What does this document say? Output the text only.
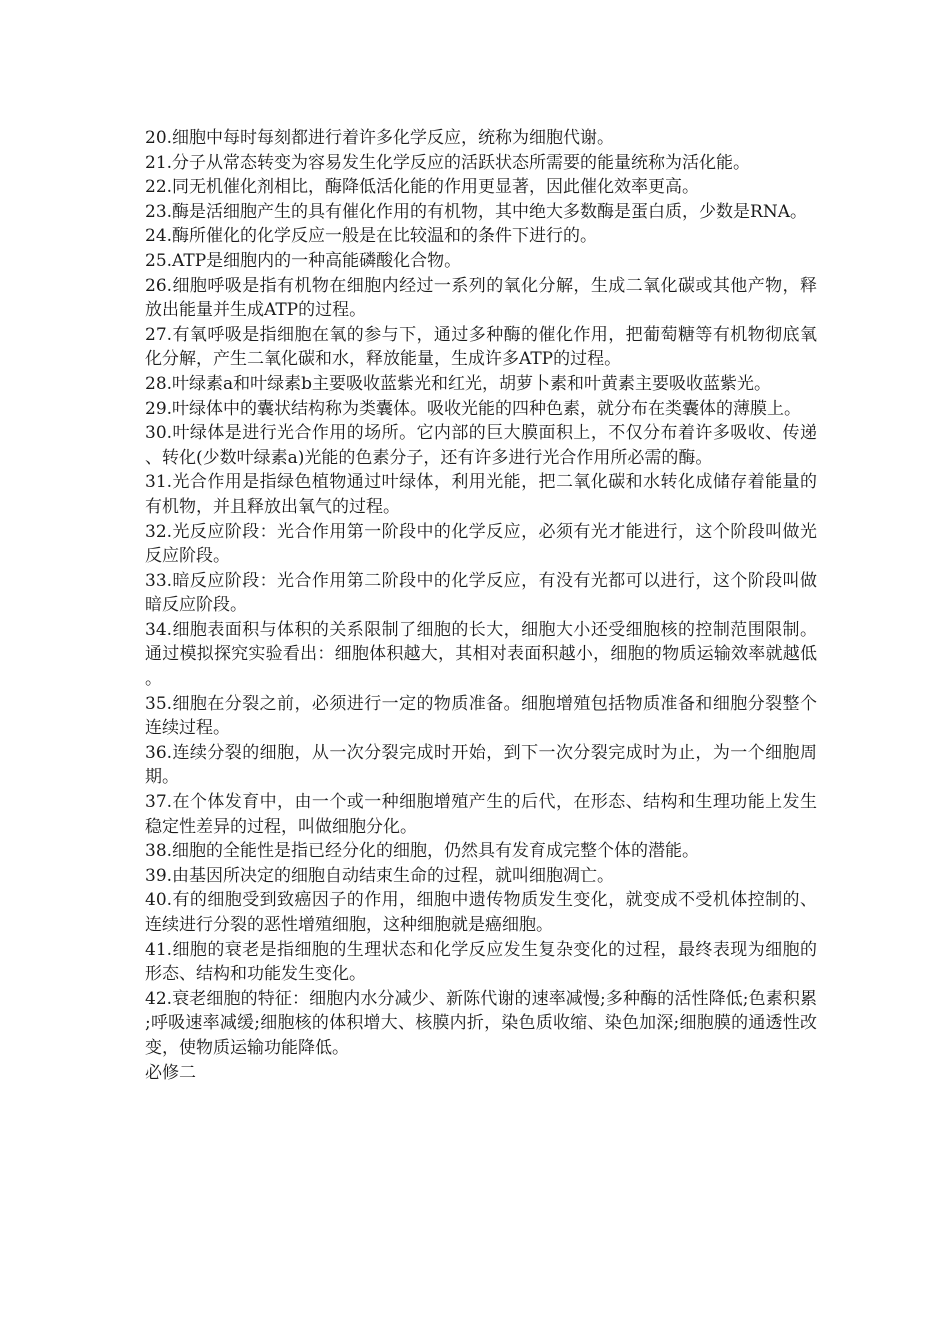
20.细胞中每时每刻都进行着许多化学反应，统称为细胞代谢。

21.分子从常态转变为容易发生化学反应的活跃状态所需要的能量统称为活化能。

22.同无机催化剂相比，酶降低活化能的作用更显著，因此催化效率更高。

23.酶是活细胞产生的具有催化作用的有机物，其中绝大多数酶是蛋白质，少数是RNA。

24.酶所催化的化学反应一般是在比较温和的条件下进行的。

25.ATP是细胞内的一种高能磷酸化合物。

26.细胞呼吸是指有机物在细胞内经过一系列的氧化分解，生成二氧化碳或其他产物，释放出能量并生成ATP的过程。

27.有氧呼吸是指细胞在氧的参与下，通过多种酶的催化作用，把葡萄糖等有机物彻底氧化分解，产生二氧化碳和水，释放能量，生成许多ATP的过程。

28.叶绿素a和叶绿素b主要吸收蓝紫光和红光，胡萝卜素和叶黄素主要吸收蓝紫光。

29.叶绿体中的囊状结构称为类囊体。吸收光能的四种色素，就分布在类囊体的薄膜上。

30.叶绿体是进行光合作用的场所。它内部的巨大膜面积上，不仅分布着许多吸收、传递、转化(少数叶绿素a)光能的色素分子，还有许多进行光合作用所必需的酶。

31.光合作用是指绿色植物通过叶绿体，利用光能，把二氧化碳和水转化成储存着能量的有机物，并且释放出氧气的过程。

32.光反应阶段：光合作用第一阶段中的化学反应，必须有光才能进行，这个阶段叫做光反应阶段。

33.暗反应阶段：光合作用第二阶段中的化学反应，有没有光都可以进行，这个阶段叫做暗反应阶段。

34.细胞表面积与体积的关系限制了细胞的长大，细胞大小还受细胞核的控制范围限制。通过模拟探究实验看出：细胞体积越大，其相对表面积越小，细胞的物质运输效率就越低。

35.细胞在分裂之前，必须进行一定的物质准备。细胞增殖包括物质准备和细胞分裂整个连续过程。

36.连续分裂的细胞，从一次分裂完成时开始，到下一次分裂完成时为止，为一个细胞周期。

37.在个体发育中，由一个或一种细胞增殖产生的后代，在形态、结构和生理功能上发生稳定性差异的过程，叫做细胞分化。

38.细胞的全能性是指已经分化的细胞，仍然具有发育成完整个体的潜能。

39.由基因所决定的细胞自动结束生命的过程，就叫细胞凋亡。

40.有的细胞受到致癌因子的作用，细胞中遗传物质发生变化，就变成不受机体控制的、连续进行分裂的恶性增殖细胞，这种细胞就是癌细胞。

41.细胞的衰老是指细胞的生理状态和化学反应发生复杂变化的过程，最终表现为细胞的形态、结构和功能发生变化。

42.衰老细胞的特征：细胞内水分减少、新陈代谢的速率减慢;多种酶的活性降低;色素积累;呼吸速率减缓;细胞核的体积增大、核膜内折，染色质收缩、染色加深;细胞膜的通透性改变，使物质运输功能降低。

必修二
